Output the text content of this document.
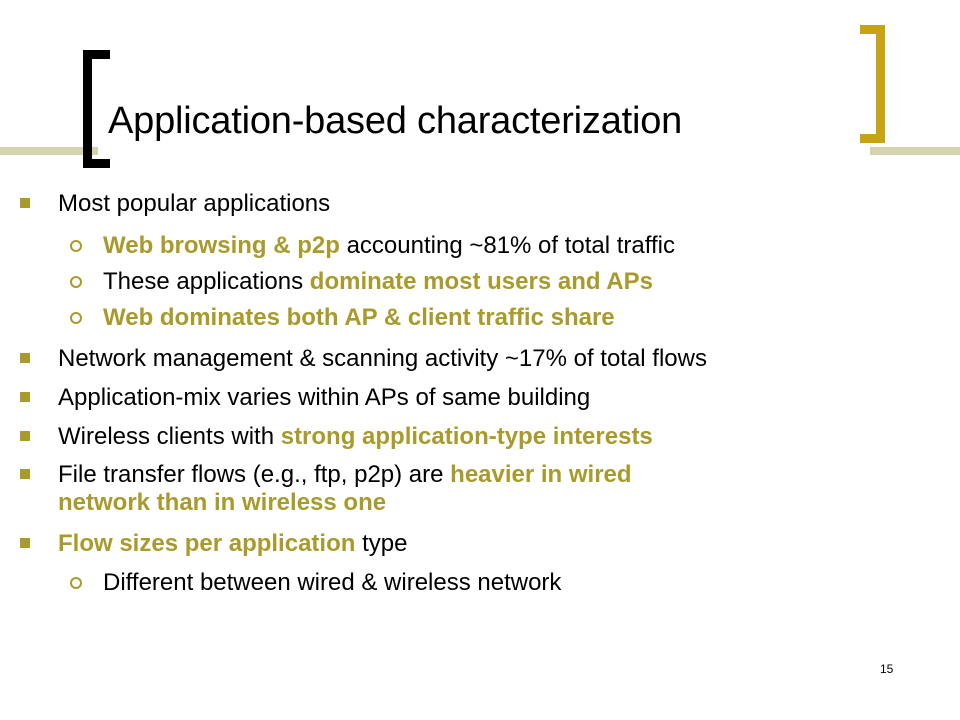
Application-based characterization
Most popular applications
Web browsing & p2p accounting ~81% of total traffic
These applications dominate most users and APs
Web dominates both AP & client traffic share
Network management & scanning activity ~17% of total flows
Application-mix varies within APs of same building
Wireless clients with strong application-type interests
File transfer flows (e.g., ftp, p2p) are heavier in wired
network than in wireless one
Flow sizes per application type
Different between wired & wireless network
15
